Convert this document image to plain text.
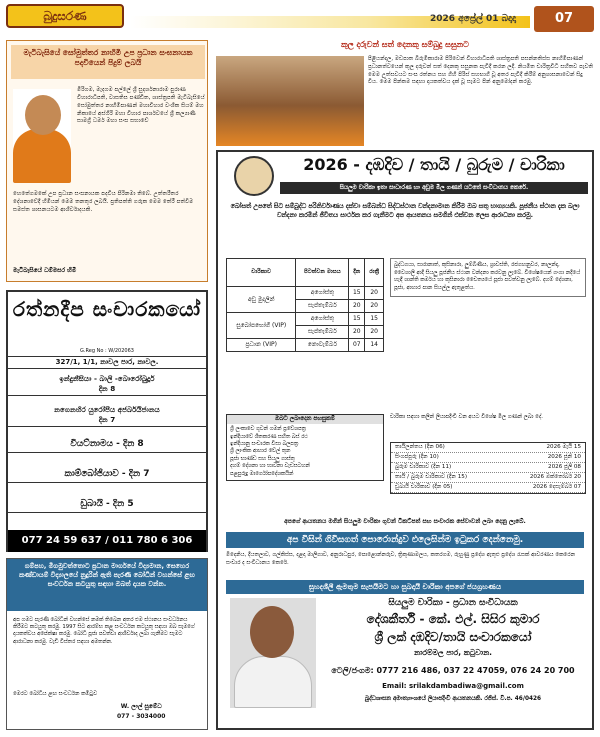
බුදුසරණ	2026 අප්‍රේල් 01 බදාදා	07
මැටිබැසියේ සෝමුත්තර නාහිමි උප ප්‍රධාන සංඝනායක පදවියෙන් පිදුම් ලබයි
මිරිගම, මැදගම පල්ලේ ශ්‍රී සුදර්ශනාරාම පුරාණ විහාරාධිපති, වාසතිස පණ්ඩිත, ශාස්ත්‍රපති මැටිබැසියේ සෝමුත්තර නාහිමිපාණන් මහාවිහාර වංශික සියම් මහ නිකායේ අස්ගිරි මහා විහාර පාර්ශවයේ ශ්‍රී කල්‍යාණි සාමග්‍රී ධර්ම මහා සංඝ සභාවේ
හෙතේගමකේ උප ප්‍රධාන සංඝනායක පදවිය පිරිනමා තිබේ. උත්තරීතර දේශනාවේදී හිමියන් මෙම තනතුර ලබයි. ප්‍රතිපත්ති ගරුක මෙම තේරී පත්වීම සමස්ත ශාසනයටම ආශිර්වාදයකි.
මැටිබැසියේ ධම්මසර හිමි
රත්නදීප සංචාරකයෝ
G.Reg No : W/202063
327/1, 1/1, නාවල පාර, නාවල.
ඉන්දුනීසියා - බාලි -බොරෝබුදූර්
දින 8
නගෙනහිර යුරෝපීය අජර්බයිජානය
දින 7
වියට්නාමය - දින 8
කාම්බෝජියාව - දින 7
ඩුබායි - දින 5
077 24 59 637 / 011 780 6 306
ගම්පහ, මීගමුවත්තොට ප්‍රධාන මාර්ගයේ විද්‍යමාන, සෙහෙර කණ්ඩායම් විද්‍යාලයේ නුදුරින් ඇති පැරණි බෝධීන් වහන්සේ ළඟ සංවර්ධන කටයුතු සඳහා ඔබත් දායක වන්න.
අප ගමට පැරණි බෝධීන් වහන්සේ නමක් තිබෙන අතර එම ස්ථානය සංවර්ධනය කිරීමට කටයුතු කරමු. 1997 සිට ආරම්භ කළ සංවර්ධන කටයුතු සඳහා ඔබ සැමගේ දායකත්වය අපේක්ෂා කරමු. බෝධි පූජා පවත්වා ආශිර්වාද ලබා ගැනීමට සැමට ආරාධනා කරමු. වැඩි විස්තර සඳහා අමතන්න.
මෙරට බෝධිය ළඟ සංවර්ධන කමිටුව
W. ලාල් සුමේධ
077 - 3034000
කුල දරුවන් සත් දෙනකු සම්බුදු සසුනට
පිළියන්දල, මඩපාත බිරුමිකාරාම පිරිවෙන් විහාරාධිපති ශාස්ත්‍රපති පසන්නතිස්ස නාහිමිපාණන් ප්‍රධානත්වයෙන් කුල දරුවන් සත් දෙනකු සසුනක පැවිදි කරන ලදී. නියමිත චාරිත්‍රවිධි සහිතව පැවති මෙම උත්සවයට සංඝ රත්නය සහ ගිහි පිරිස් සහභාගී වූ අතර පැවිදි කිරීම් අනුශාසනාවෙන් සිදු විය. මෙම පින්කම සඳහා දායකත්වය දැක් වූ සැමට පින් අනුමෝදන් කරමු.
2026 - දඹදිව / තායි / බුරුම / චාරිකා
සියලුම චාරිකා ඉතා සාධාරණ හා අඩුම මිල ගණන් යටතේ සංවිධානය කෙරේ.
බෝසත් උපතේ සිට සම්බුද්ධ පරිනිර්වාණය දක්වා සම්බන්ධ සිද්ධස්ථාන වන්දනාමාන කිරීම ඔබ සතු භාග්‍යයකි. පූජනීය ස්ථාන දැක බලා වන්දනා කරමින් ජීවිතය සාර්ථක කර ගැනීමට අප ආයතනය සමගින් එක්වන ලෙස ආරාධනා කරමු.
චාරිකාව	පිටත්වන මාසය	දින	රාත්‍රී
අඩු මුදලින්	අගෝස්තු	15	20
	සැප්තැම්බර්	20	20
සුඛෝපභෝගී (VIP)	අගෝස්තු	15	15
	සැප්තැම්බර්	20	20
ප්‍රධාන (VIP)	නොවැම්බර්	07	14
බුද්ධගයා, සාරානාත්, කුසිනාරා, ලුම්බිණිය, ශ්‍රාවස්ති, රජගහනුවර, නාලන්දා, වෛශාලි ආදී සියලු පූජනීය ස්ථාන වන්දනා කරවනු ලැබේ. විශේෂයෙන් ගංගා නදියේ හැඳි ශාන්ති කර්මය හා කුසිනාරා චෛත්‍යයේ පූජා පවත්වනු ලැබේ. දහම් දේශනා, පූජා, ආහාර පාන සියල්ල ඇතුළත්ය.
ඔබට ලබාදෙන පහසුකම්
ශ්‍රී ලංකාවෙ ගුවන් ගමන් ප්‍රවේශපත්‍ර
ඉන්දියාවේ ශීතකරණ සහිත බස් රථ
ඉන්දියානු සංචාරක වීසා බලපත්‍ර
ශ්‍රී ලාංකික ආහාර වේල් තුන
පූජා භාණ්ඩ සහ සියලු ගාස්තු
දහම් දේශනා හා භාවනා වැඩසටහන්
පළපුරුදු මාර්ගෝපදේශකයින්
චාරිකා සඳහා කලින් ලියාපදිංචි වන අයට විශේෂ මිල ගණන් ලබා දේ.
තායිලන්තය (දින 06)	2026 මැයි 15
සිංගප්පූරු (දින 10)	2026 ජූනි 10
බුරුම චාරිකාව (දින 11)	2026 ජූලි 08
තායි / බුරුම චාරිකාව (දින 15)	2026 ඔක්තෝබර් 20
ඩුබායි චාරිකාව (දින 05)	2026 දෙසැම්බර් 07
අපගේ ආයතනය මගින් සියලුම චාරිකා ගුවන් ටිකට්පත් සහ සංචාරක සේවාවන් ලබා දෙනු ලැබේ.
අප විසින් ගිවිසගත් පොරොන්දුව එලෙසින්ම ඉටුකර දෙන්නෙමු.
මීදෙනිය, දියතලාව, ගල්කිස්ස, දළදා මාලිගාව, අනුරාධපුර, පොළොන්නරුව, ත්‍රිකුණාමලය, කතරගම, රුහුණු ප්‍රදේශ ඇතුළු ප්‍රදේශ රැසක් ආවරණය කෙරෙන සංචාර ද සංවිධානය කෙරේ.
සුහදශීලී ඇමතුම සැපයීමට හා සුඛදායී චාරිකා අපගේ ජයග්‍රහණය
සියලුම චාරිකා - ප්‍රධාන සංවිධායක
දේශකීර්ති - කේ. එල්. සිසිර කුමාර
ශ්‍රී ලක් දඹදිව/තායි සංචාරකයෝ
නාරම්මල පාර, කටුවාන.
ටෙලි/ජංගම: 0777 216 486, 037 22 47059, 076 24 20 700
Email: srilakdambadiwa@gmail.com
බුද්ධශාසන අමාත්‍යාංශයේ ලියාපදිංචි ආයතනයකි. රජිස්. වි.ප. 46/0426
